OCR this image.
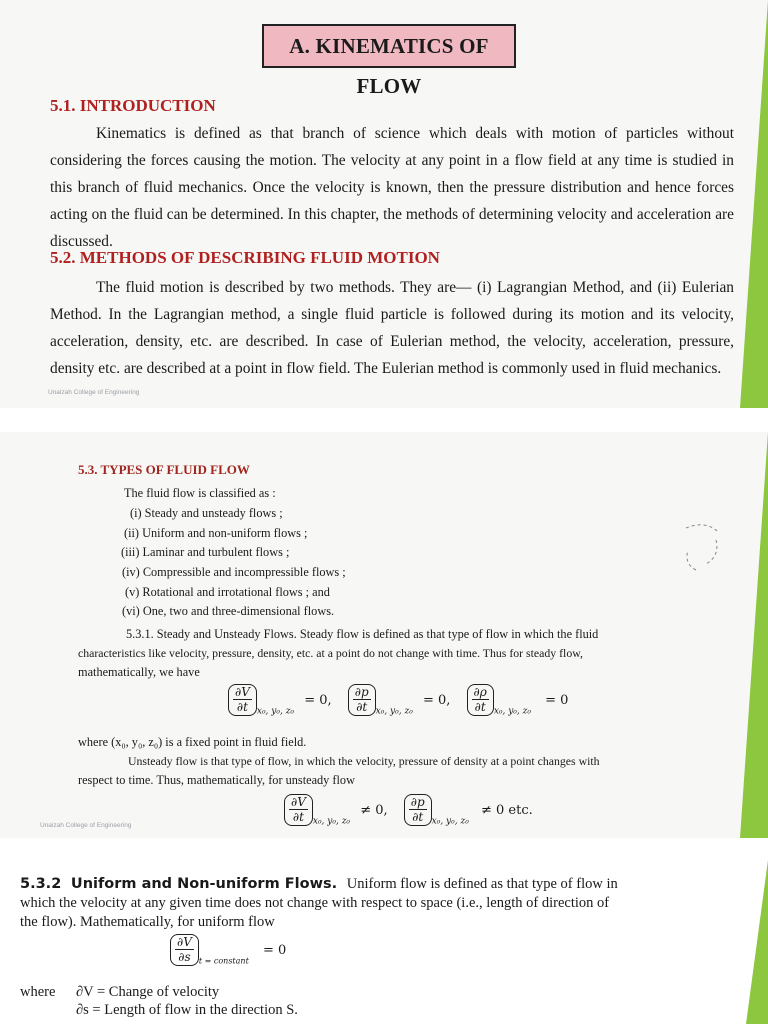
A. KINEMATICS OF FLOW
5.1. INTRODUCTION
Kinematics is defined as that branch of science which deals with motion of particles without considering the forces causing the motion. The velocity at any point in a flow field at any time is studied in this branch of fluid mechanics. Once the velocity is known, then the pressure distribution and hence forces acting on the fluid can be determined. In this chapter, the methods of determining velocity and acceleration are discussed.
5.2. METHODS OF DESCRIBING FLUID MOTION
The fluid motion is described by two methods. They are— (i) Lagrangian Method, and (ii) Eulerian Method. In the Lagrangian method, a single fluid particle is followed during its motion and its velocity, acceleration, density, etc. are described. In case of Eulerian method, the velocity, acceleration, pressure, density etc. are described at a point in flow field. The Eulerian method is commonly used in fluid mechanics.
Unaizah College of Engineering
5.3. TYPES OF FLUID FLOW
The fluid flow is classified as :
(i) Steady and unsteady flows ;
(ii) Uniform and non-uniform flows ;
(iii) Laminar and turbulent flows ;
(iv) Compressible and incompressible flows ;
(v) Rotational and irrotational flows ; and
(vi) One, two and three-dimensional flows.
5.3.1. Steady and Unsteady Flows. Steady flow is defined as that type of flow in which the fluid
characteristics like velocity, pressure, density, etc. at a point do not change with time. Thus for steady flow,
mathematically, we have
$\frac{\partial V}{\partial t} _{x_0, y_0, z_0} = 0$, $\frac{\partial p}{\partial t} _{x_0, y_0, z_0} = 0$, $\frac{\partial\rho}{\partial t} _{x_0, y_0, z_0} = 0$
where (x₀, y₀, z₀) is a fixed point in fluid field.
Unsteady flow is that type of flow, in which the velocity, pressure of density at a point changes with
respect to time. Thus, mathematically, for unsteady flow
$\frac{\partial V}{\partial t} _{x_0, y_0, z_0} \ne 0$, $\frac{\partial p}{\partial t} _{x_0, y_0, z_0} \ne 0$ etc.
Unaizah College of Engineering
5.3.2 Uniform and Non-uniform Flows. Uniform flow is defined as that type of flow in
which the velocity at any given time does not change with respect to space (i.e., length of direction of
the flow). Mathematically, for uniform flow
$\frac{\partial V}{\partial s} _{t = constant} = 0$
where ∂V = Change of velocity
∂s = Length of flow in the direction S.
